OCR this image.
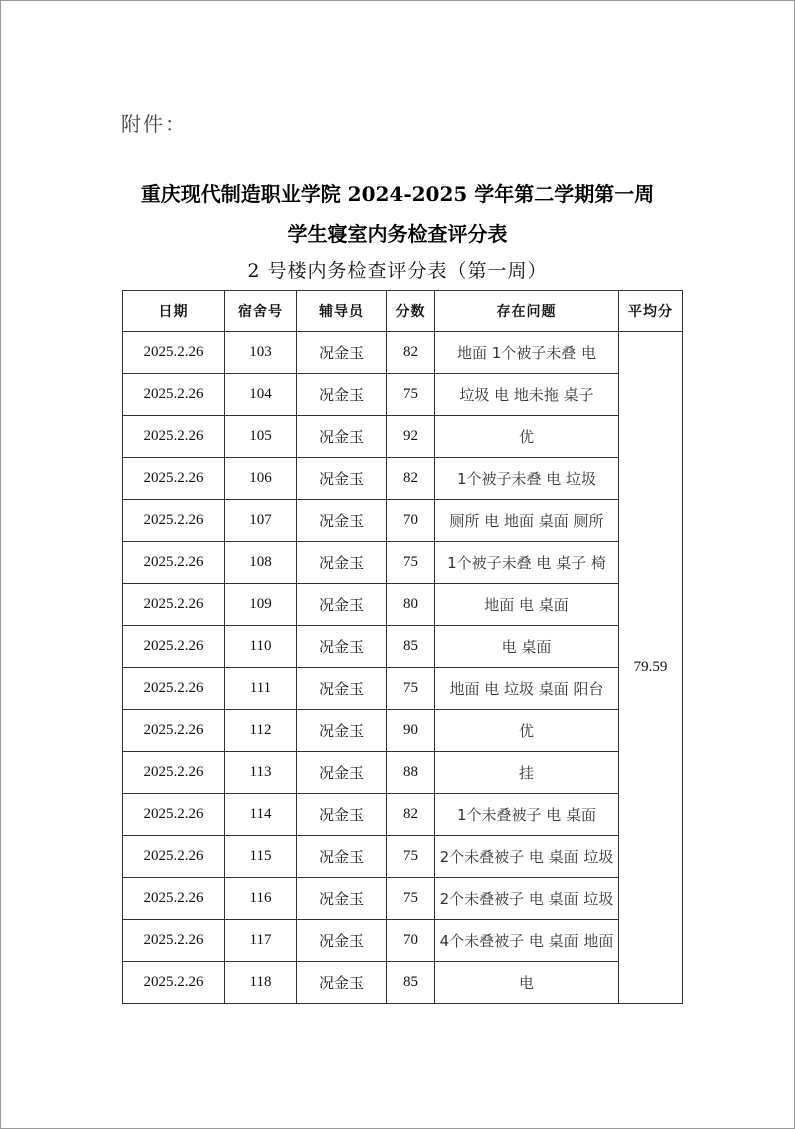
附件：
重庆现代制造职业学院 2024-2025 学年第二学期第一周
学生寝室内务检查评分表
2 号楼内务检查评分表（第一周）
日期	宿舍号	辅导员	分数	存在问题	平均分
2025.2.26	103	况金玉	82	地面 1个被子未叠 电	79.59
2025.2.26	104	况金玉	75	垃圾 电 地未拖 桌子	
2025.2.26	105	况金玉	92	优	
2025.2.26	106	况金玉	82	1个被子未叠 电 垃圾	
2025.2.26	107	况金玉	70	厕所 电 地面 桌面 厕所	
2025.2.26	108	况金玉	75	1个被子未叠 电 桌子 椅	
2025.2.26	109	况金玉	80	地面 电 桌面	
2025.2.26	110	况金玉	85	电 桌面	
2025.2.26	111	况金玉	75	地面 电 垃圾 桌面 阳台	
2025.2.26	112	况金玉	90	优	
2025.2.26	113	况金玉	88	挂	
2025.2.26	114	况金玉	82	1个未叠被子 电 桌面	
2025.2.26	115	况金玉	75	2个未叠被子 电 桌面 垃圾	
2025.2.26	116	况金玉	75	2个未叠被子 电 桌面 垃圾	
2025.2.26	117	况金玉	70	4个未叠被子 电 桌面 地面	
2025.2.26	118	况金玉	85	电	
